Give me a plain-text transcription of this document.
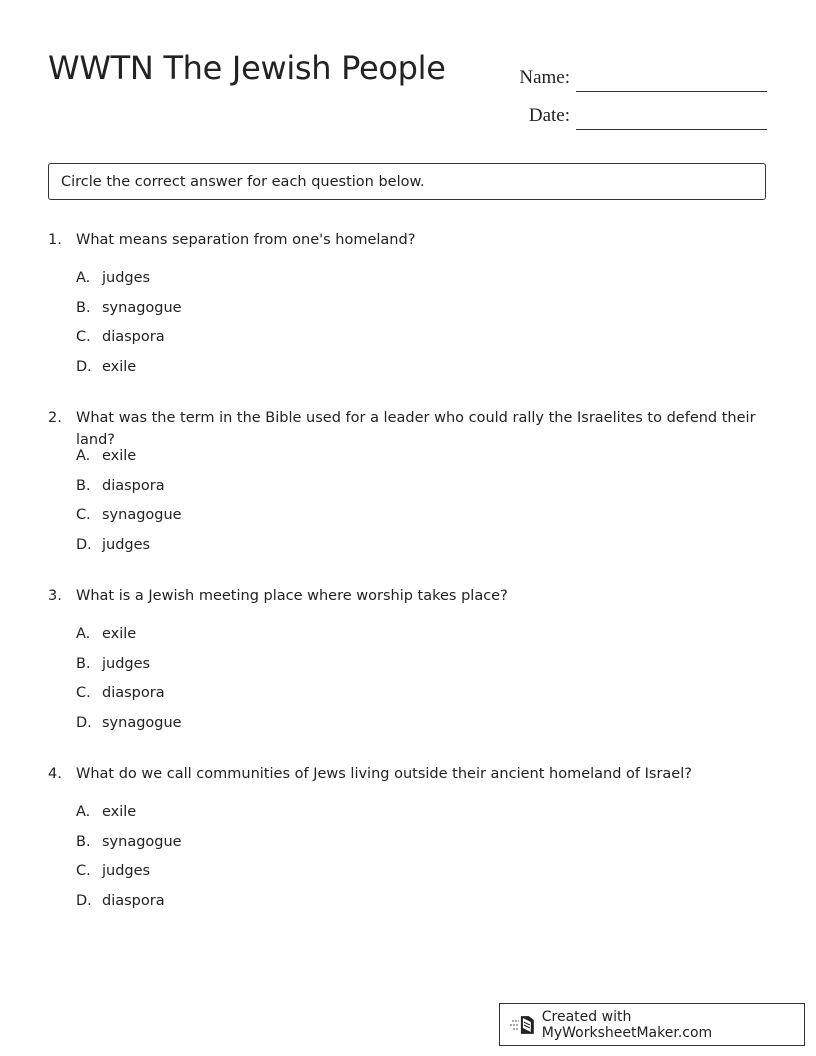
WWTN The Jewish People	Name:
Date:
Circle the correct answer for each question below.
1. What means separation from one's homeland?
A. judges
B. synagogue
C. diaspora
D. exile
2. What was the term in the Bible used for a leader who could rally the Israelites to defend their land?
A. exile
B. diaspora
C. synagogue
D. judges
3. What is a Jewish meeting place where worship takes place?
A. exile
B. judges
C. diaspora
D. synagogue
4. What do we call communities of Jews living outside their ancient homeland of Israel?
A. exile
B. synagogue
C. judges
D. diaspora
Created with MyWorksheetMaker.com
